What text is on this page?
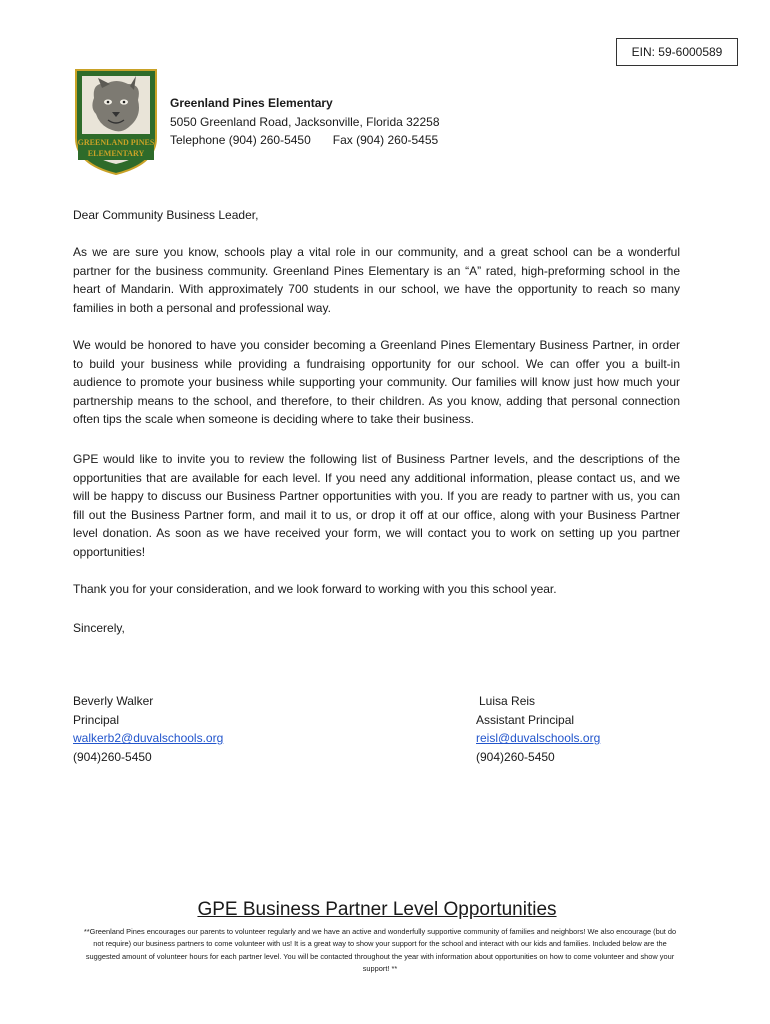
EIN: 59-6000589
GREENLAND PINES
ELEMENTARY
Greenland Pines Elementary
5050 Greenland Road, Jacksonville, Florida 32258
Telephone (904) 260-5450 Fax (904) 260-5455

Dear Community Business Leader,

As we are sure you know, schools play a vital role in our community, and a great school can be a wonderful partner for the business community. Greenland Pines Elementary is an “A” rated, high-preforming school in the heart of Mandarin. With approximately 700 students in our school, we have the opportunity to reach so many families in both a personal and professional way.

We would be honored to have you consider becoming a Greenland Pines Elementary Business Partner, in order to build your business while providing a fundraising opportunity for our school. We can offer you a built-in audience to promote your business while supporting your community. Our families will know just how much your partnership means to the school, and therefore, to their children. As you know, adding that personal connection often tips the scale when someone is deciding where to take their business.

GPE would like to invite you to review the following list of Business Partner levels, and the descriptions of the opportunities that are available for each level. If you need any additional information, please contact us, and we will be happy to discuss our Business Partner opportunities with you. If you are ready to partner with us, you can fill out the Business Partner form, and mail it to us, or drop it off at our office, along with your Business Partner level donation. As soon as we have received your form, we will contact you to work on setting up you partner opportunities!

Thank you for your consideration, and we look forward to working with you this school year.

Sincerely,

Beverly Walker
Principal
walkerb2@duvalschools.org
(904)260-5450
Luisa Reis
Assistant Principal
reisl@duvalschools.org
(904)260-5450
GPE Business Partner Level Opportunities
**Greenland Pines encourages our parents to volunteer regularly and we have an active and wonderfully supportive community of families and neighbors! We also encourage (but do not require) our business partners to come volunteer with us! It is a great way to show your support for the school and interact with our kids and families. Included below are the suggested amount of volunteer hours for each partner level. You will be contacted throughout the year with information about opportunities on how to come volunteer and show your support! **
